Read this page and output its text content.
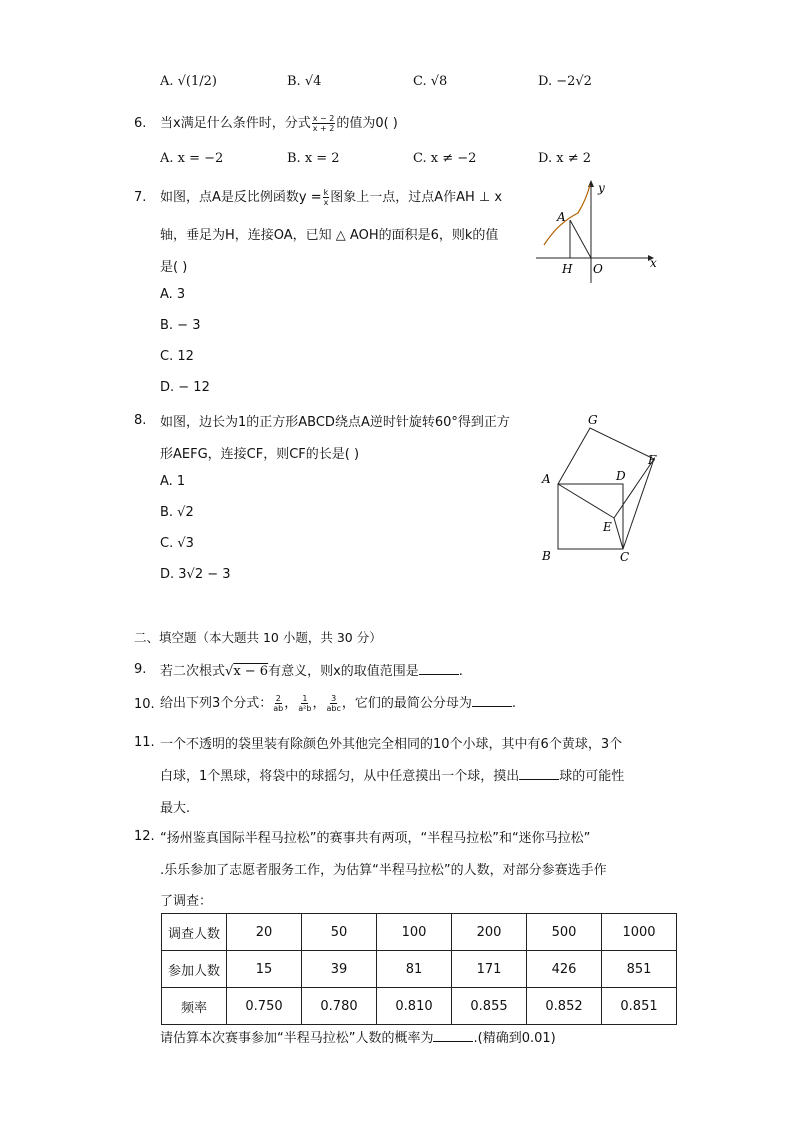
A. √(1/2)	B. √4	C. √8	D. −2√2
6. 当x满足什么条件时，分式 $\frac{x - 2}{x + 2}$ 的值为0( )
A. x = −2	B. x = 2	C. x ≠ −2	D. x ≠ 2
7. 如图，点A是反比例函数$y = \frac{k}{x}$ 图象上一点，过点A作AH ⊥ x
轴，垂足为H，连接OA，已知 △ AOH的面积是6，则k的值
是( )
A. 3
B. − 3
C. 12
D. − 12
y
x
A
H O
8. 如图，边长为1的正方形ABCD绕点A逆时针旋转60°得到正方
形AEFG，连接CF，则CF的长是( )
A. 1
B. √2
C. √3
D. 3√2 − 3
G
F
A	D
E
B	C
二、填空题（本大题共 10 小题，共 30 分）
9. 若二次根式√x − 6有意义，则x的取值范围是	.
10. 给出下列3个分式： $\frac{2}{ab}$ ， $\frac{1}{\text{a²b}}$ ， $\frac{3}{\text{abc}}$ ，它们的最简公分母为	.
11. 一个不透明的袋里装有除颜色外其他完全相同的10个小球，其中有6个黄球，3个
白球，1个黑球，将袋中的球摇匀，从中任意摸出一个球，摸出	球的可能性
最大.
12. “扬州鉴真国际半程马拉松”的赛事共有两项，“半程马拉松”和“迷你马拉松”
.乐乐参加了志愿者服务工作，为估算“半程马拉松”的人数，对部分参赛选手作
了调查：
调查人数	20	50	100	200	500	1000
参加人数	15	39	81	171	426	851
频率	0.750	0.780	0.810	0.855	0.852	0.851
请估算本次赛事参加“半程马拉松”人数的概率为	.(精确到0.01)
